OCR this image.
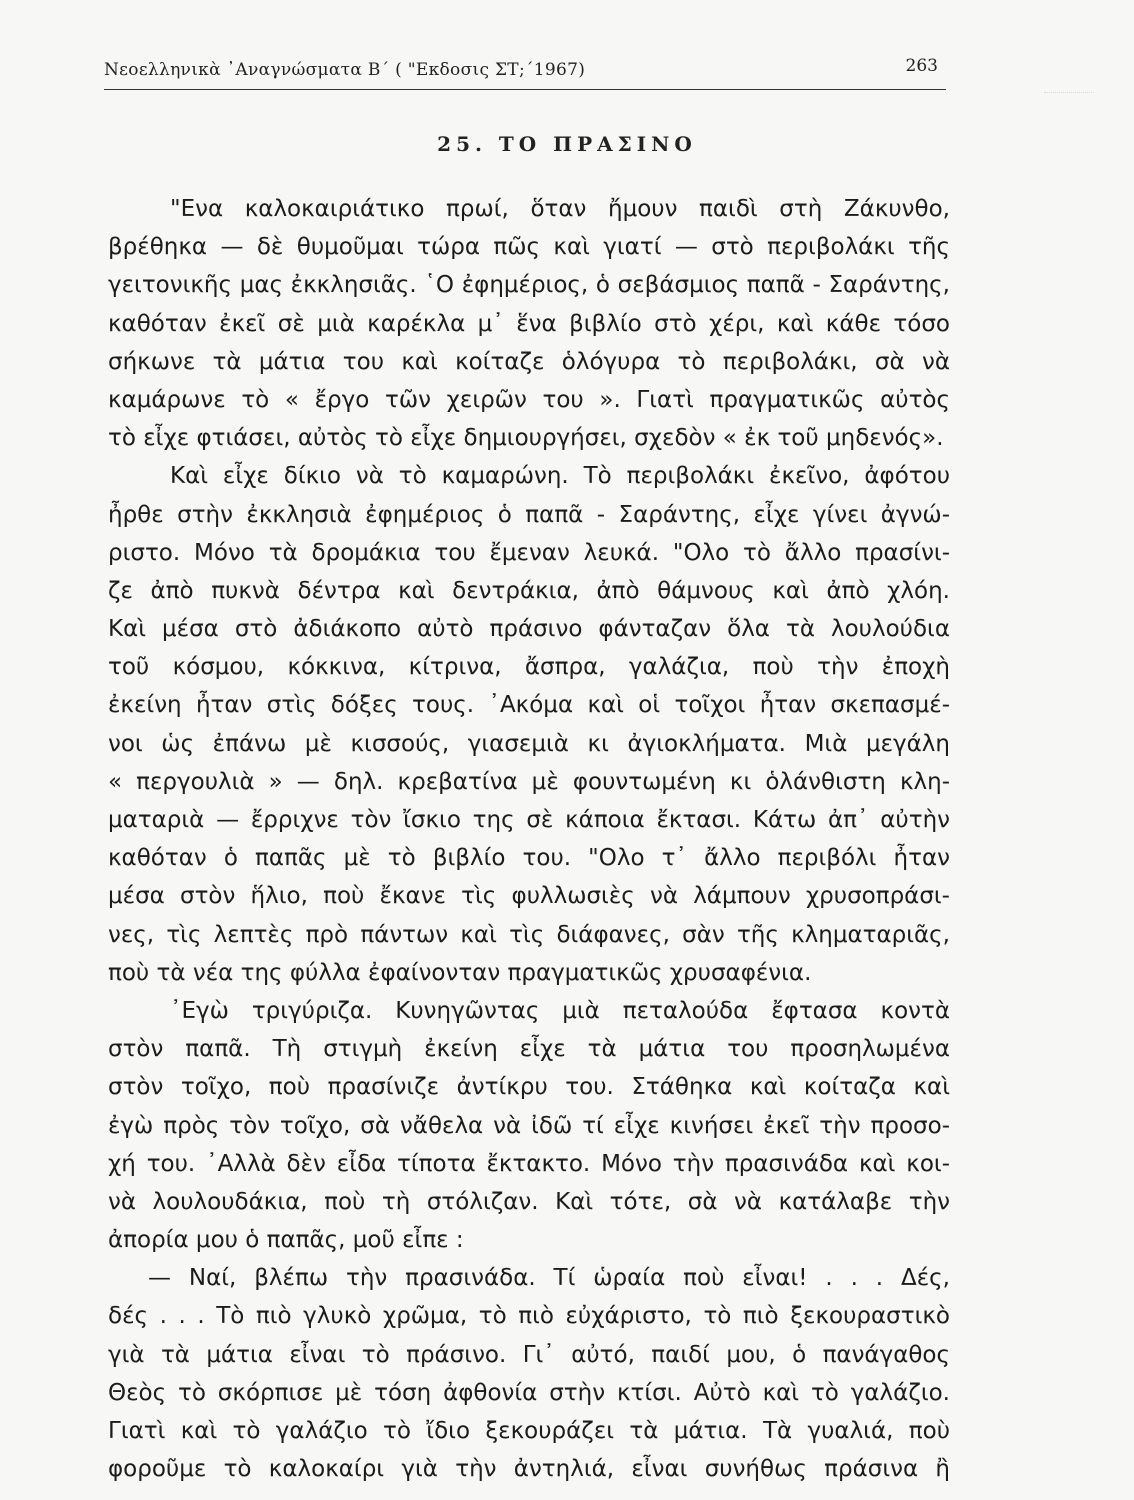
Νεοελληνικὰ ᾽Αναγνώσματα Β΄ ( "Εκδοσις ΣΤ;΄1967)	263
25. ΤΟ ΠΡΑΣΙΝΟ
"Ενα καλοκαιριάτικο πρωί, ὅταν ἤμουν παιδὶ στὴ Ζάκυνθο,
βρέθηκα — δὲ θυμοῦμαι τώρα πῶς καὶ γιατί — στὸ περιβολάκι τῆς
γειτονικῆς μας ἐκκλησιᾶς. ῾Ο ἐφημέριος, ὁ σεβάσμιος παπᾶ - Σαράντης,
καθόταν ἐκεῖ σὲ μιὰ καρέκλα μ᾽ ἕνα βιβλίο στὸ χέρι, καὶ κάθε τόσο
σήκωνε τὰ μάτια του καὶ κοίταζε ὁλόγυρα τὸ περιβολάκι, σὰ νὰ
καμάρωνε τὸ « ἔργο τῶν χειρῶν του ». Γιατὶ πραγματικῶς αὐτὸς
τὸ εἶχε φτιάσει, αὐτὸς τὸ εἶχε δημιουργήσει, σχεδὸν « ἐκ τοῦ μηδενός».
Καὶ εἶχε δίκιο νὰ τὸ καμαρώνη. Τὸ περιβολάκι ἐκεῖνο, ἀφότου
ἦρθε στὴν ἐκκλησιὰ ἐφημέριος ὁ παπᾶ - Σαράντης, εἶχε γίνει ἀγνώ-
ριστο. Μόνο τὰ δρομάκια του ἔμεναν λευκά. "Ολο τὸ ἄλλο πρασίνι-
ζε ἀπὸ πυκνὰ δέντρα καὶ δεντράκια, ἀπὸ θάμνους καὶ ἀπὸ χλόη.
Καὶ μέσα στὸ ἀδιάκοπο αὐτὸ πράσινο φάνταζαν ὅλα τὰ λουλούδια
τοῦ κόσμου, κόκκινα, κίτρινα, ἄσπρα, γαλάζια, ποὺ τὴν ἐποχὴ
ἐκείνη ἦταν στὶς δόξες τους. ᾽Ακόμα καὶ οἱ τοῖχοι ἦταν σκεπασμέ-
νοι ὡς ἐπάνω μὲ κισσούς, γιασεμιὰ κι ἀγιοκλήματα. Μιὰ μεγάλη
« περγουλιὰ » — δηλ. κρεβατίνα μὲ φουντωμένη κι ὁλάνθιστη κλη-
ματαριὰ — ἔρριχνε τὸν ἴσκιο της σὲ κάποια ἔκτασι. Κάτω ἀπ᾽ αὐτὴν
καθόταν ὁ παπᾶς μὲ τὸ βιβλίο του. "Ολο τ᾽ ἄλλο περιβόλι ἦταν
μέσα στὸν ἥλιο, ποὺ ἔκανε τὶς φυλλωσιὲς νὰ λάμπουν χρυσοπράσι-
νες, τὶς λεπτὲς πρὸ πάντων καὶ τὶς διάφανες, σὰν τῆς κληματαριᾶς,
ποὺ τὰ νέα της φύλλα ἐφαίνονταν πραγματικῶς χρυσαφένια.
᾽Εγὼ τριγύριζα. Κυνηγῶντας μιὰ πεταλούδα ἔφτασα κοντὰ
στὸν παπᾶ. Τὴ στιγμὴ ἐκείνη εἶχε τὰ μάτια του προσηλωμένα
στὸν τοῖχο, ποὺ πρασίνιζε ἀντίκρυ του. Στάθηκα καὶ κοίταζα καὶ
ἐγὼ πρὸς τὸν τοῖχο, σὰ νἄθελα νὰ ἰδῶ τί εἶχε κινήσει ἐκεῖ τὴν προσο-
χή του. ᾽Αλλὰ δὲν εἶδα τίποτα ἔκτακτο. Μόνο τὴν πρασινάδα καὶ κοι-
νὰ λουλουδάκια, ποὺ τὴ στόλιζαν. Καὶ τότε, σὰ νὰ κατάλαβε τὴν
ἀπορία μου ὁ παπᾶς, μοῦ εἶπε :
— Ναί, βλέπω τὴν πρασινάδα. Τί ὡραία ποὺ εἶναι! . . . Δές,
δές . . . Τὸ πιὸ γλυκὸ χρῶμα, τὸ πιὸ εὐχάριστο, τὸ πιὸ ξεκουραστικὸ
γιὰ τὰ μάτια εἶναι τὸ πράσινο. Γι᾽ αὐτό, παιδί μου, ὁ πανάγαθος
Θεὸς τὸ σκόρπισε μὲ τόση ἀφθονία στὴν κτίσι. Αὐτὸ καὶ τὸ γαλάζιο.
Γιατὶ καὶ τὸ γαλάζιο τὸ ἴδιο ξεκουράζει τὰ μάτια. Τὰ γυαλιά, ποὺ
φοροῦμε τὸ καλοκαίρι γιὰ τὴν ἀντηλιά, εἶναι συνήθως πράσινα ἢ
